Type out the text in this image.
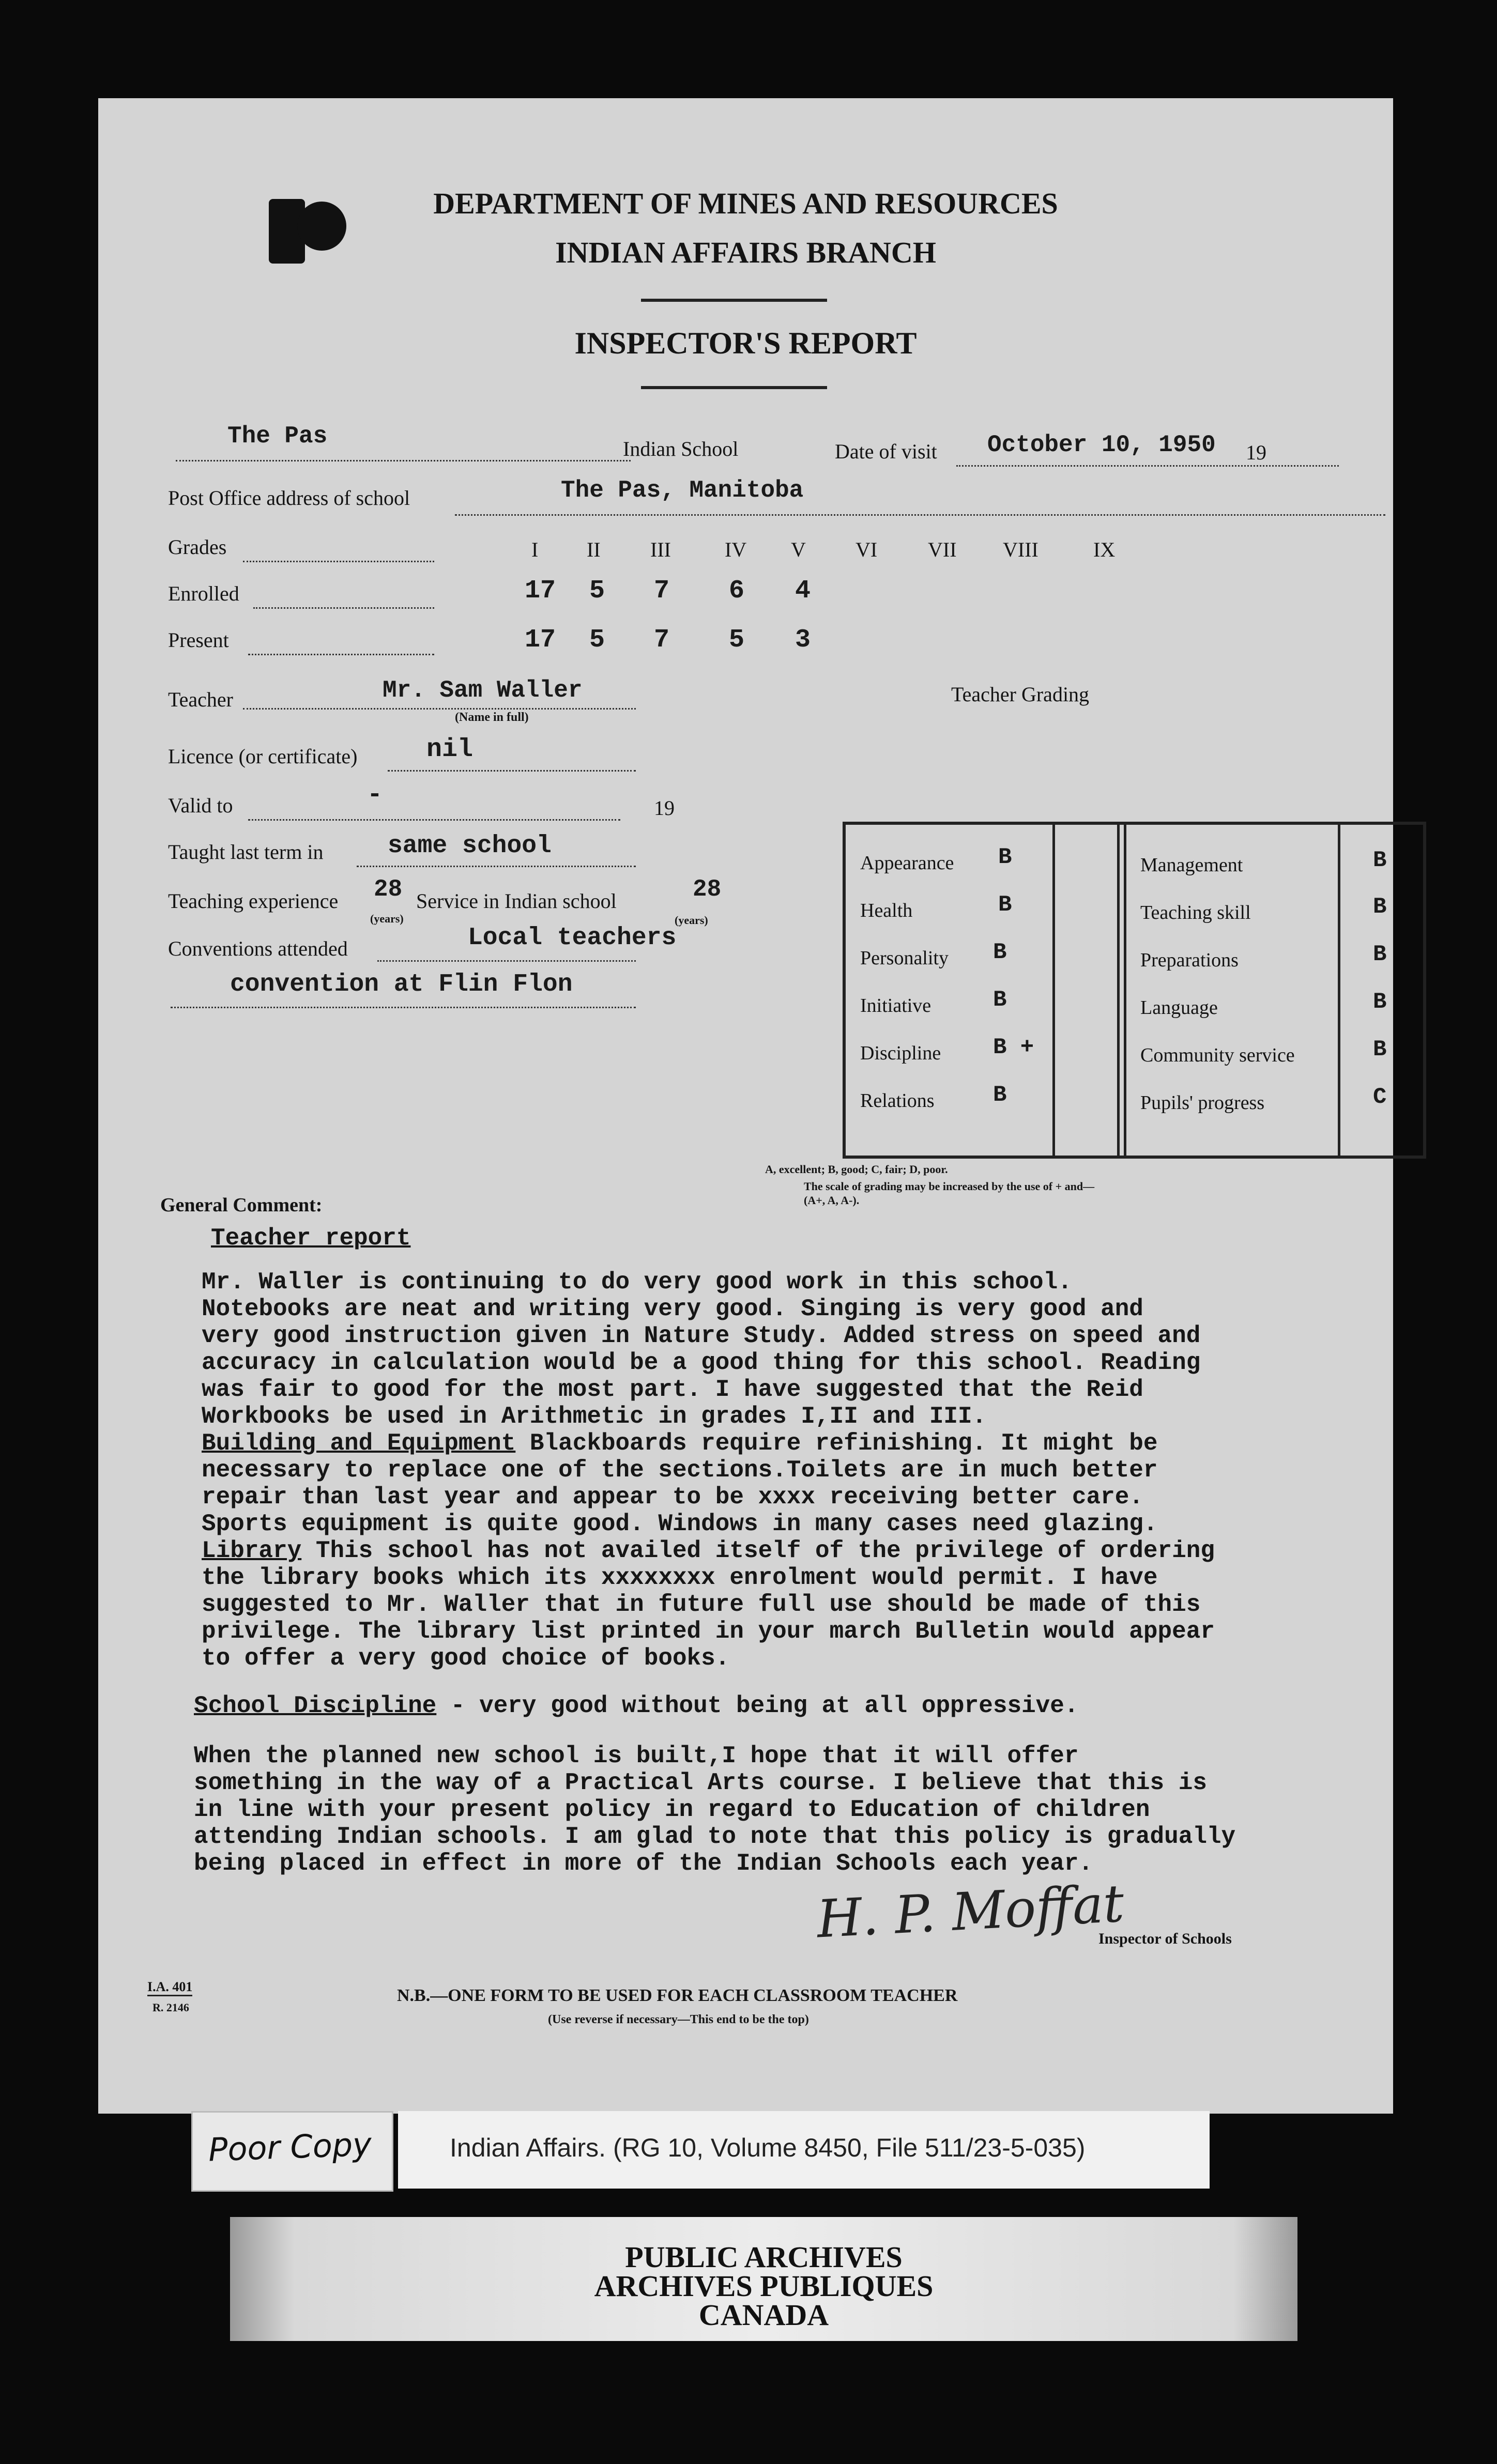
DEPARTMENT OF MINES AND RESOURCES
INDIAN AFFAIRS BRANCH
INSPECTOR'S REPORT
The Pas	Indian School	Date of visit October 10, 1950 19
Post Office address of school	The Pas, Manitoba
Grades	I II III	IV V VI VII VIII	IX
Enrolled	17 5 7 6 4
Present	17 5 7 5 3
Teacher	Mr. Sam Waller
(Name in full)
Licence (or certificate)	nil
Valid to	-	19
Taught last term in	same school
Teaching experience 28
(years)
Service in Indian school	28
(years)
Conventions attended	Local teachers
convention at Flin Flon
Teacher Grading
Appearance B
Health	B
Personality B
Initiative	B
Discipline B +
Relations	B
Management	B
Teaching skill	B
Preparations	B
Language	B
Community service	B
Pupils' progress	C
A, excellent; B, good; C, fair; D, poor.
The scale of grading may be increased by the use of + and—
(A+, A, A-).
General Comment:
Teacher report
Mr. Waller is continuing to do very good work in this school.
Notebooks are neat and writing very good. Singing is very good and
very good instruction given in Nature Study. Added stress on speed and
accuracy in calculation would be a good thing for this school. Reading
was fair to good for the most part. I have suggested that the Reid
Workbooks be used in Arithmetic in grades I,II and III.
Building and Equipment Blackboards require refinishing. It might be
necessary to replace one of the sections.Toilets are in much better
repair than last year and appear to be xxxx receiving better care.
Sports equipment is quite good. Windows in many cases need glazing.
Library This school has not availed itself of the privilege of ordering
the library books which its xxxxxxxx enrolment would permit. I have
suggested to Mr. Waller that in future full use should be made of this
privilege. The library list printed in your march Bulletin would appear
to offer a very good choice of books.
School Discipline - very good without being at all oppressive.
When the planned new school is built,I hope that it will offer
something in the way of a Practical Arts course. I believe that this is
in line with your present policy in regard to Education of children
attending Indian schools. I am glad to note that this policy is gradually
being placed in effect in more of the Indian Schools each year.
H. P. Moffat
Inspector of Schools
I.A. 401
R. 2146
N.B.—ONE FORM TO BE USED FOR EACH CLASSROOM TEACHER
(Use reverse if necessary—This end to be the top)
Poor Copy	Indian Affairs. (RG 10, Volume 8450, File 511/23-5-035)
PUBLIC ARCHIVES
ARCHIVES PUBLIQUES
CANADA
